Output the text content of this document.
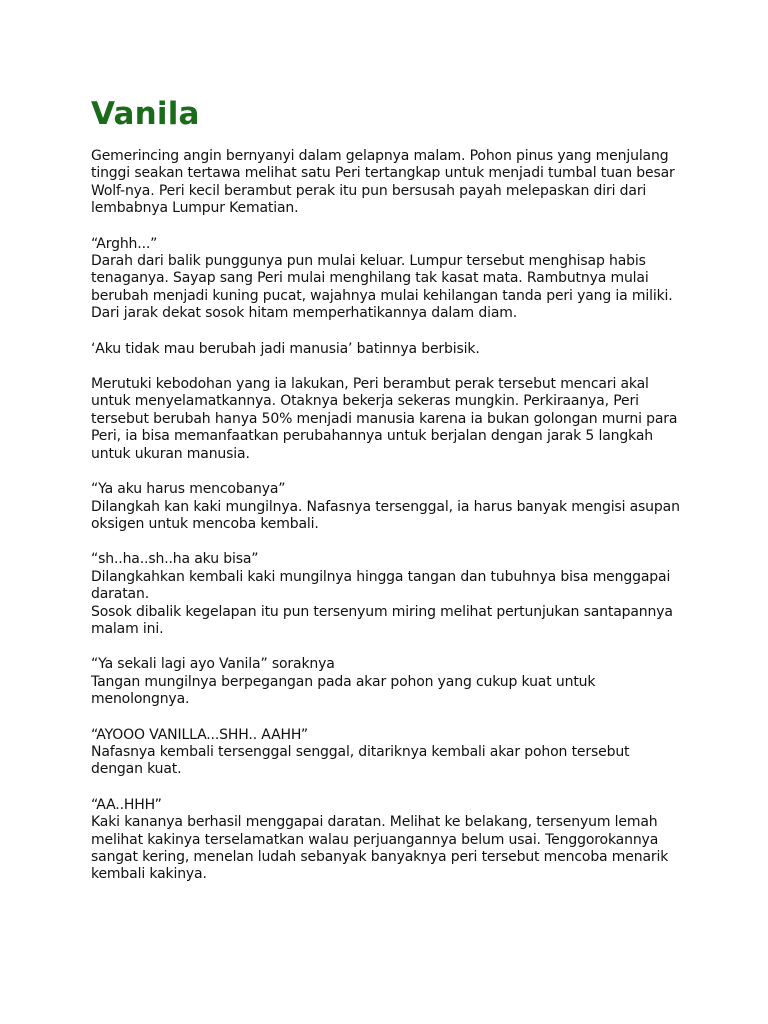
Vanila

Gemerincing angin bernyanyi dalam gelapnya malam. Pohon pinus yang menjulang tinggi seakan tertawa melihat satu Peri tertangkap untuk menjadi tumbal tuan besar Wolf-nya. Peri kecil berambut perak itu pun bersusah payah melepaskan diri dari lembabnya Lumpur Kematian.

“Arghh...”
Darah dari balik punggunya pun mulai keluar. Lumpur tersebut menghisap habis tenaganya. Sayap sang Peri mulai menghilang tak kasat mata. Rambutnya mulai berubah menjadi kuning pucat, wajahnya mulai kehilangan tanda peri yang ia miliki. Dari jarak dekat sosok hitam memperhatikannya dalam diam.

‘Aku tidak mau berubah jadi manusia’ batinnya berbisik.

Merutuki kebodohan yang ia lakukan, Peri berambut perak tersebut mencari akal untuk menyelamatkannya. Otaknya bekerja sekeras mungkin. Perkiraanya, Peri tersebut berubah hanya 50% menjadi manusia karena ia bukan golongan murni para Peri, ia bisa memanfaatkan perubahannya untuk berjalan dengan jarak 5 langkah untuk ukuran manusia.

“Ya aku harus mencobanya”
Dilangkah kan kaki mungilnya. Nafasnya tersenggal, ia harus banyak mengisi asupan oksigen untuk mencoba kembali.

“sh..ha..sh..ha aku bisa”
Dilangkahkan kembali kaki mungilnya hingga tangan dan tubuhnya bisa menggapai daratan.
Sosok dibalik kegelapan itu pun tersenyum miring melihat pertunjukan santapannya malam ini.

“Ya sekali lagi ayo Vanila” soraknya
Tangan mungilnya berpegangan pada akar pohon yang cukup kuat untuk menolongnya.

“AYOOO VANILLA...SHH.. AAHH”
Nafasnya kembali tersenggal senggal, ditariknya kembali akar pohon tersebut dengan kuat.

“AA..HHH”
Kaki kananya berhasil menggapai daratan. Melihat ke belakang, tersenyum lemah melihat kakinya terselamatkan walau perjuangannya belum usai. Tenggorokannya sangat kering, menelan ludah sebanyak banyaknya peri tersebut mencoba menarik kembali kakinya.
